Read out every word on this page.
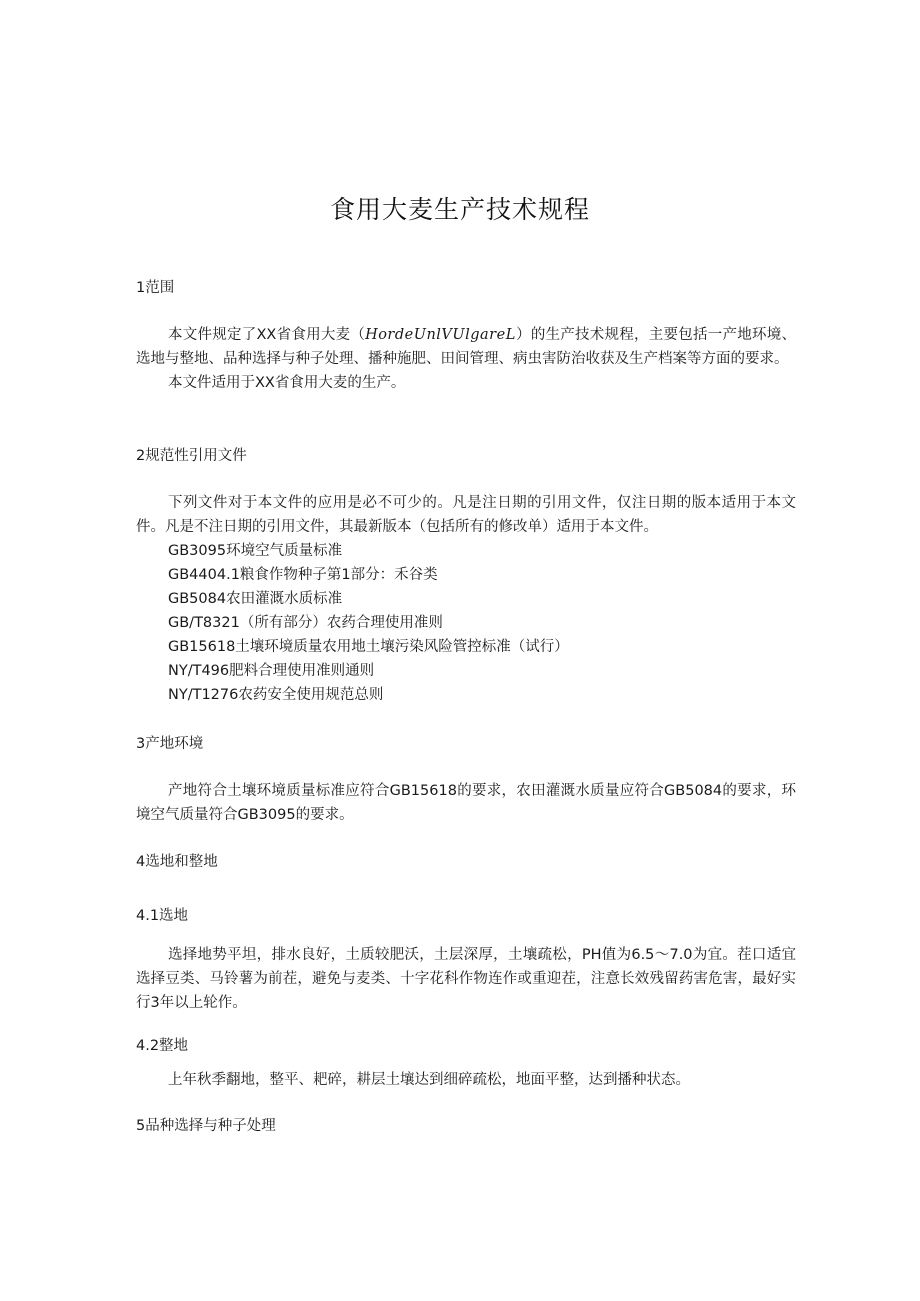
食用大麦生产技术规程
1范围

本文件规定了XX省食用大麦（HordeUnlVUlgareL）的生产技术规程，主要包括一产地环境、选地与整地、品种选择与种子处理、播种施肥、田间管理、病虫害防治收获及生产档案等方面的要求。

本文件适用于XX省食用大麦的生产。

2规范性引用文件

下列文件对于本文件的应用是必不可少的。凡是注日期的引用文件，仅注日期的版本适用于本文件。凡是不注日期的引用文件，其最新版本（包括所有的修改单）适用于本文件。

GB3095环境空气质量标准
GB4404.1粮食作物种子第1部分：禾谷类
GB5084农田灌溉水质标准
GB/T8321（所有部分）农药合理使用准则
GB15618土壤环境质量农用地土壤污染风险管控标准（试行）
NY/T496肥料合理使用准则通则
NY/T1276农药安全使用规范总则
3产地环境

产地符合土壤环境质量标准应符合GB15618的要求，农田灌溉水质量应符合GB5084的要求，环境空气质量符合GB3095的要求。

4选地和整地
4.1选地

选择地势平坦，排水良好，土质较肥沃，土层深厚，土壤疏松，PH值为6.5～7.0为宜。茬口适宜选择豆类、马铃薯为前茬，避免与麦类、十字花科作物连作或重迎茬，注意长效残留药害危害，最好实行3年以上轮作。

4.2整地

上年秋季翻地，整平、耙碎，耕层土壤达到细碎疏松，地面平整，达到播种状态。

5品种选择与种子处理
